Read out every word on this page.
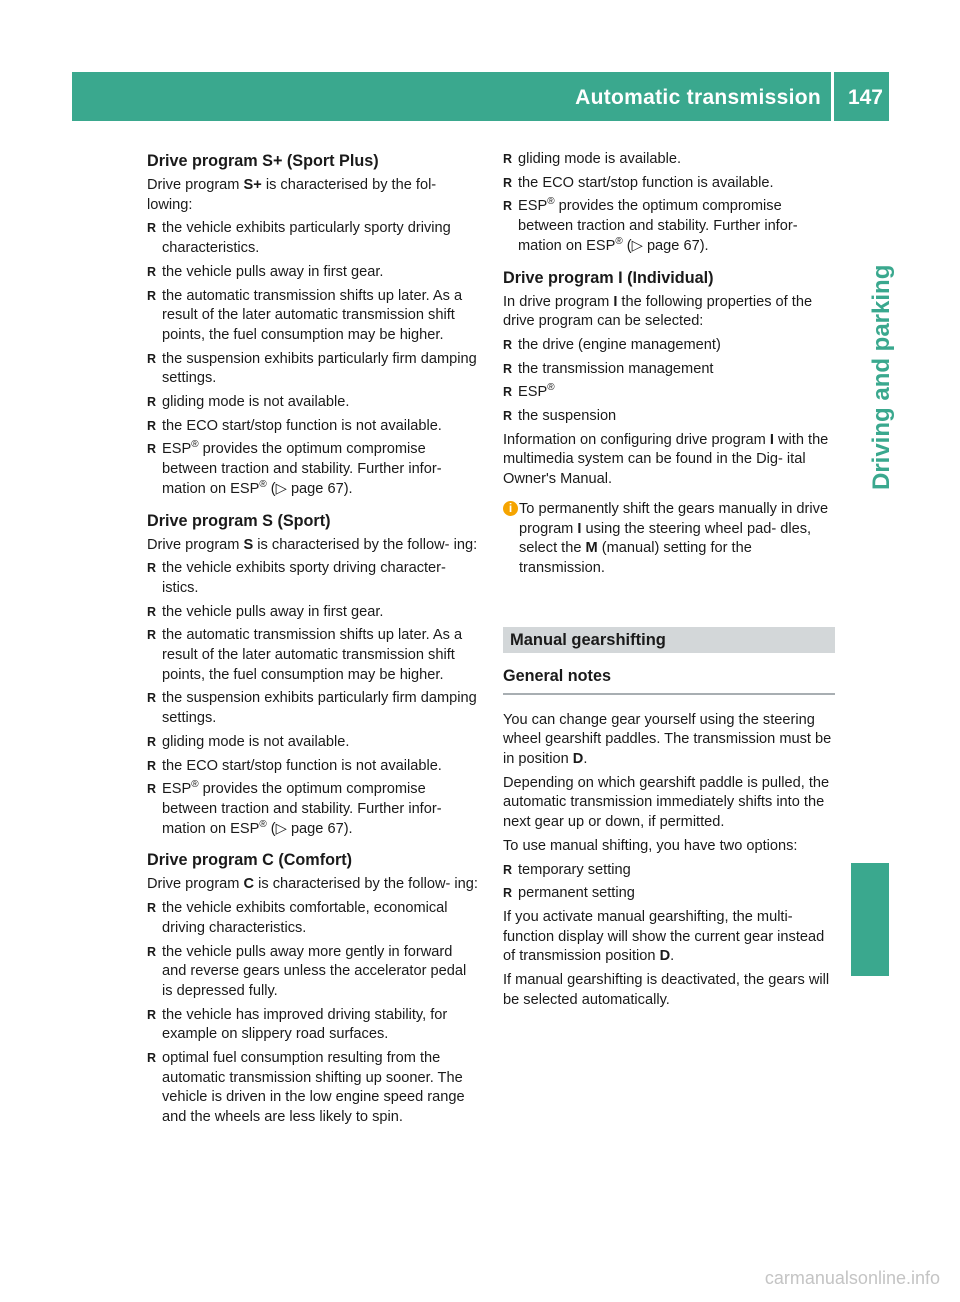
Automatic transmission 147
Driving and parking
Drive program S+ (Sport Plus)

Drive program S+ is characterised by the fol- lowing:

R the vehicle exhibits particularly sporty driving characteristics.
R the vehicle pulls away in first gear.
R the automatic transmission shifts up later. As a result of the later automatic transmission shift points, the fuel consumption may be higher.
R the suspension exhibits particularly firm damping settings.
R gliding mode is not available.
R the ECO start/stop function is not available.
R ESP® provides the optimum compromise between traction and stability. Further infor- mation on ESP® (▷ page 67).
Drive program S (Sport)

Drive program S is characterised by the follow- ing:

R the vehicle exhibits sporty driving character- istics.
R the vehicle pulls away in first gear.
R the automatic transmission shifts up later. As a result of the later automatic transmission shift points, the fuel consumption may be higher.
R the suspension exhibits particularly firm damping settings.
R gliding mode is not available.
R the ECO start/stop function is not available.
R ESP® provides the optimum compromise between traction and stability. Further infor- mation on ESP® (▷ page 67).
Drive program C (Comfort)

Drive program C is characterised by the follow- ing:

R the vehicle exhibits comfortable, economical driving characteristics.
R the vehicle pulls away more gently in forward and reverse gears unless the accelerator pedal is depressed fully.
R the vehicle has improved driving stability, for example on slippery road surfaces.
R optimal fuel consumption resulting from the automatic transmission shifting up sooner. The vehicle is driven in the low engine speed range and the wheels are less likely to spin.
R gliding mode is available.
R the ECO start/stop function is available.
R ESP® provides the optimum compromise between traction and stability. Further infor- mation on ESP® (▷ page 67).
Drive program I (Individual)

In drive program I the following properties of the drive program can be selected:

R the drive (engine management)
R the transmission management
R ESP®
R the suspension

Information on configuring drive program I with the multimedia system can be found in the Dig- ital Owner's Manual.

i To permanently shift the gears manually in drive program I using the steering wheel pad- dles, select the M (manual) setting for the transmission.
Manual gearshifting
General notes

You can change gear yourself using the steering wheel gearshift paddles. The transmission must be in position D.

Depending on which gearshift paddle is pulled, the automatic transmission immediately shifts into the next gear up or down, if permitted.

To use manual shifting, you have two options:

R temporary setting
R permanent setting

If you activate manual gearshifting, the multi- function display will show the current gear instead of transmission position D.

If manual gearshifting is deactivated, the gears will be selected automatically.

carmanualsonline.info
